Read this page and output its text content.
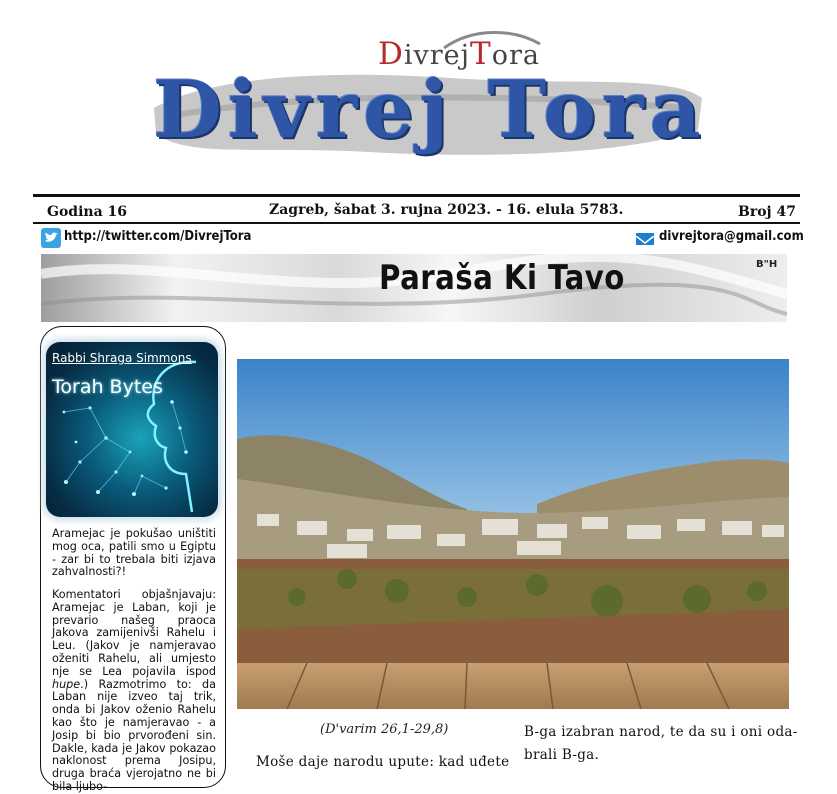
DivrejTora
Divrej Tora
Godina 16	Zagreb, šabat 3. rujna 2023. - 16. elula 5783.	Broj 47
http://twitter.com/DivrejTora	divrejtora@gmail.com
Paraša Ki Tavo	B"H
Rabbi Shraga Simmons
Torah Bytes
Aramejac je pokušao uništiti mog oca, patili smo u Egiptu - zar bi to trebala biti izjava zahvalnosti?!
Komentatori objašnjavaju: Aramejac je Laban, koji je prevario našeg praoca Jakova zamijenivši Rahelu i Leu. (Jakov je namjeravao oženiti Rahelu, ali umjesto nje se Lea pojavila ispod hupe.) Razmotrimo to: da Laban nije izveo taj trik, onda bi Jakov oženio Rahelu kao što je namjeravao - a Josip bi bio prvorođeni sin. Dakle, kada je Jakov pokazao naklonost prema Josipu, druga braća vjerojatno ne bi bila ljubo-
(D'varim 26,1-29,8)
Moše daje narodu upute: kad uđete
B-ga izabran narod, te da su i oni oda-
brali B-ga.
